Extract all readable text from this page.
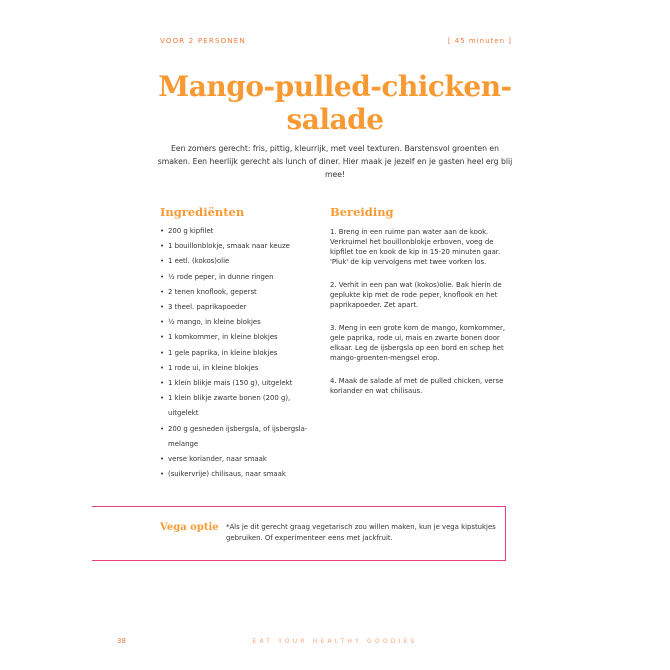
VOOR 2 PERSONEN	[ 45 minuten ]
Mango-pulled-chicken-
salade
Een zomers gerecht: fris, pittig, kleurrijk, met veel texturen. Barstensvol groenten en smaken. Een heerlijk gerecht als lunch of diner. Hier maak je jezelf en je gasten heel erg blij mee!
Ingrediënten
• 200 g kipfilet
• 1 bouillonblokje, smaak naar keuze
• 1 eetl. (kokos)olie
• ½ rode peper, in dunne ringen
• 2 tenen knoflook, geperst
• 3 theel. paprikapoeder
• ½ mango, in kleine blokjes
• 1 komkommer, in kleine blokjes
• 1 gele paprika, in kleine blokjes
• 1 rode ui, in kleine blokjes
• 1 klein blikje mais (150 g), uitgelekt
• 1 klein blikje zwarte bonen (200 g), uitgelekt
• 200 g gesneden ijsbergsla, of ijsbergsla-melange
• verse koriander, naar smaak
• (suikervrije) chilisaus, naar smaak
Bereiding

1. Breng in een ruime pan water aan de kook. Verkruimel het bouillonblokje erboven, voeg de kipfilet toe en kook de kip in 15-20 minuten gaar. 'Pluk' de kip vervolgens met twee vorken los.

2. Verhit in een pan wat (kokos)olie. Bak hierin de geplukte kip met de rode peper, knoflook en het paprikapoeder. Zet apart.

3. Meng in een grote kom de mango, komkommer, gele paprika, rode ui, mais en zwarte bonen door elkaar. Leg de ijsbergsla op een bord en schep het mango-groenten-mengsel erop.

4. Maak de salade af met de pulled chicken, verse koriander en wat chilisaus.

Vega optie *Als je dit gerecht graag vegetarisch zou willen maken, kun je vega kipstukjes gebruiken. Of experimenteer eens met jackfruit.
38	EAT YOUR HEALTHY GOODIES
